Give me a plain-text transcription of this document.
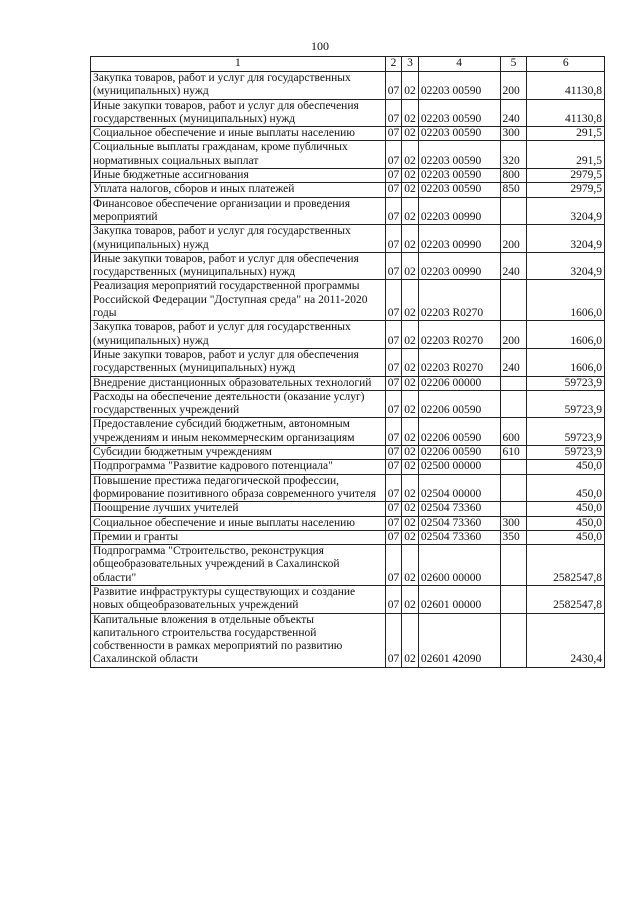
100
1	2	3	4	5	6
Закупка товаров, работ и услуг для государственных (муниципальных) нужд	07	02	02203 00590	200	41130,8
Иные закупки товаров, работ и услуг для обеспечения государственных (муниципальных) нужд	07	02	02203 00590	240	41130,8
Социальное обеспечение и иные выплаты населению	07	02	02203 00590	300	291,5
Социальные выплаты гражданам, кроме публичных нормативных социальных выплат	07	02	02203 00590	320	291,5
Иные бюджетные ассигнования	07	02	02203 00590	800	2979,5
Уплата налогов, сборов и иных платежей	07	02	02203 00590	850	2979,5
Финансовое обеспечение организации и проведения мероприятий	07	02	02203 00990		3204,9
Закупка товаров, работ и услуг для государственных (муниципальных) нужд	07	02	02203 00990	200	3204,9
Иные закупки товаров, работ и услуг для обеспечения государственных (муниципальных) нужд	07	02	02203 00990	240	3204,9
Реализация мероприятий государственной программы Российской Федерации "Доступная среда" на 2011-2020 годы	07	02	02203 R0270		1606,0
Закупка товаров, работ и услуг для государственных (муниципальных) нужд	07	02	02203 R0270	200	1606,0
Иные закупки товаров, работ и услуг для обеспечения государственных (муниципальных) нужд	07	02	02203 R0270	240	1606,0
Внедрение дистанционных образовательных технологий	07	02	02206 00000		59723,9
Расходы на обеспечение деятельности (оказание услуг) государственных учреждений	07	02	02206 00590		59723,9
Предоставление субсидий бюджетным, автономным учреждениям и иным некоммерческим организациям	07	02	02206 00590	600	59723,9
Субсидии бюджетным учреждениям	07	02	02206 00590	610	59723,9
Подпрограмма "Развитие кадрового потенциала"	07	02	02500 00000		450,0
Повышение престижа педагогической профессии, формирование позитивного образа современного учителя	07	02	02504 00000		450,0
Поощрение лучших учителей	07	02	02504 73360		450,0
Социальное обеспечение и иные выплаты населению	07	02	02504 73360	300	450,0
Премии и гранты	07	02	02504 73360	350	450,0
Подпрограмма "Строительство, реконструкция общеобразовательных учреждений в Сахалинской области"	07	02	02600 00000		2582547,8
Развитие инфраструктуры существующих и создание новых общеобразовательных учреждений	07	02	02601 00000		2582547,8
Капитальные вложения в отдельные объекты капитального строительства государственной собственности в рамках мероприятий по развитию Сахалинской области	07	02	02601 42090		2430,4
